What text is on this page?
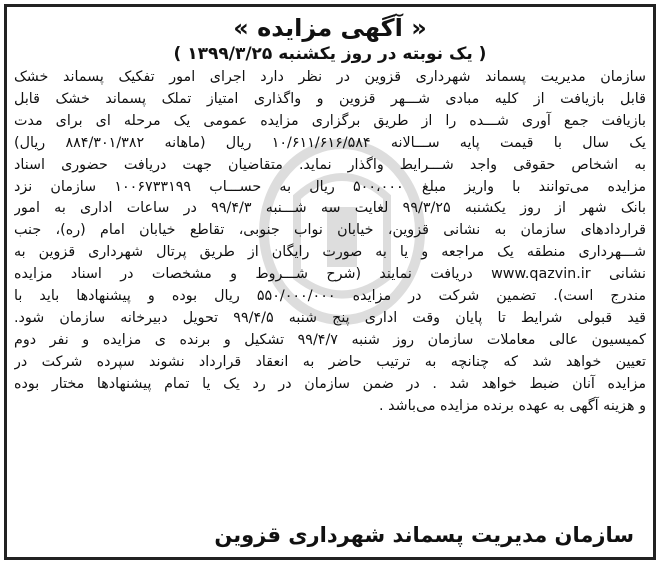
« آگهی مزایده »
( یک نوبته در روز یکشنبه ۱۳۹۹/۳/۲۵ )
سازمان مدیریت پسماند شهرداری قزوین در نظر دارد اجرای امور تفکیک پسماند خشک
قابل بازیافت از کلیه مبادی شـــهر قزوین و واگذاری امتیاز تملک پسماند خشک قابل
بازیافت جمع آوری شـــده را از طریق برگزاری مزایده عمومی یک مرحله ای برای مدت
یک سال با قیمت پایه ســـالانه ۱۰/۶۱۱/۶۱۶/۵۸۴ ریال (ماهانه ۸۸۴/۳۰۱/۳۸۲ ریال)
به اشخاص حقوقی واجد شـــرایط واگذار نماید. متقاضیان جهت دریافت حضوری اسناد
مزایده می‌توانند با واریز مبلغ ۵۰۰،۰۰۰ ریال به حســـاب ۱۰۰۶۷۳۳۱۹۹ سازمان نزد
بانک شهر از روز یکشنبه ۹۹/۳/۲۵ لغایت سه شـــنبه ۹۹/۴/۳ در ساعات اداری به امور
قراردادهای سازمان به نشانی قزوین، خیابان نواب جنوبی، تقاطع خیابان امام (ره)، جنب
شـــهرداری منطقه یک مراجعه و یا به صورت رایگان از طریق پرتال شهرداری قزوین به
نشانی www.qazvin.ir دریافت نمایند (شرح شـــروط و مشخصات در اسناد مزایده
مندرج است). تضمین شرکت در مزایده ۵۵۰/۰۰۰/۰۰۰ ریال بوده و پیشنهادها باید با
قید قبولی شرایط تا پایان وقت اداری پنج شنبه ۹۹/۴/۵ تحویل دبیرخانه سازمان شود.
کمیسیون عالی معاملات سازمان روز شنبه ۹۹/۴/۷ تشکیل و برنده ی مزایده و نفر دوم
تعیین خواهد شد که چنانچه به ترتیب حاضر به انعقاد قرارداد نشوند سپرده شرکت در
مزایده آنان ضبط خواهد شد . در ضمن سازمان در رد یک یا تمام پیشنهادها مختار بوده
و هزینه آگهی به عهده برنده مزایده می‌باشد .
سازمان مدیریت پسماند شهرداری قزوین
